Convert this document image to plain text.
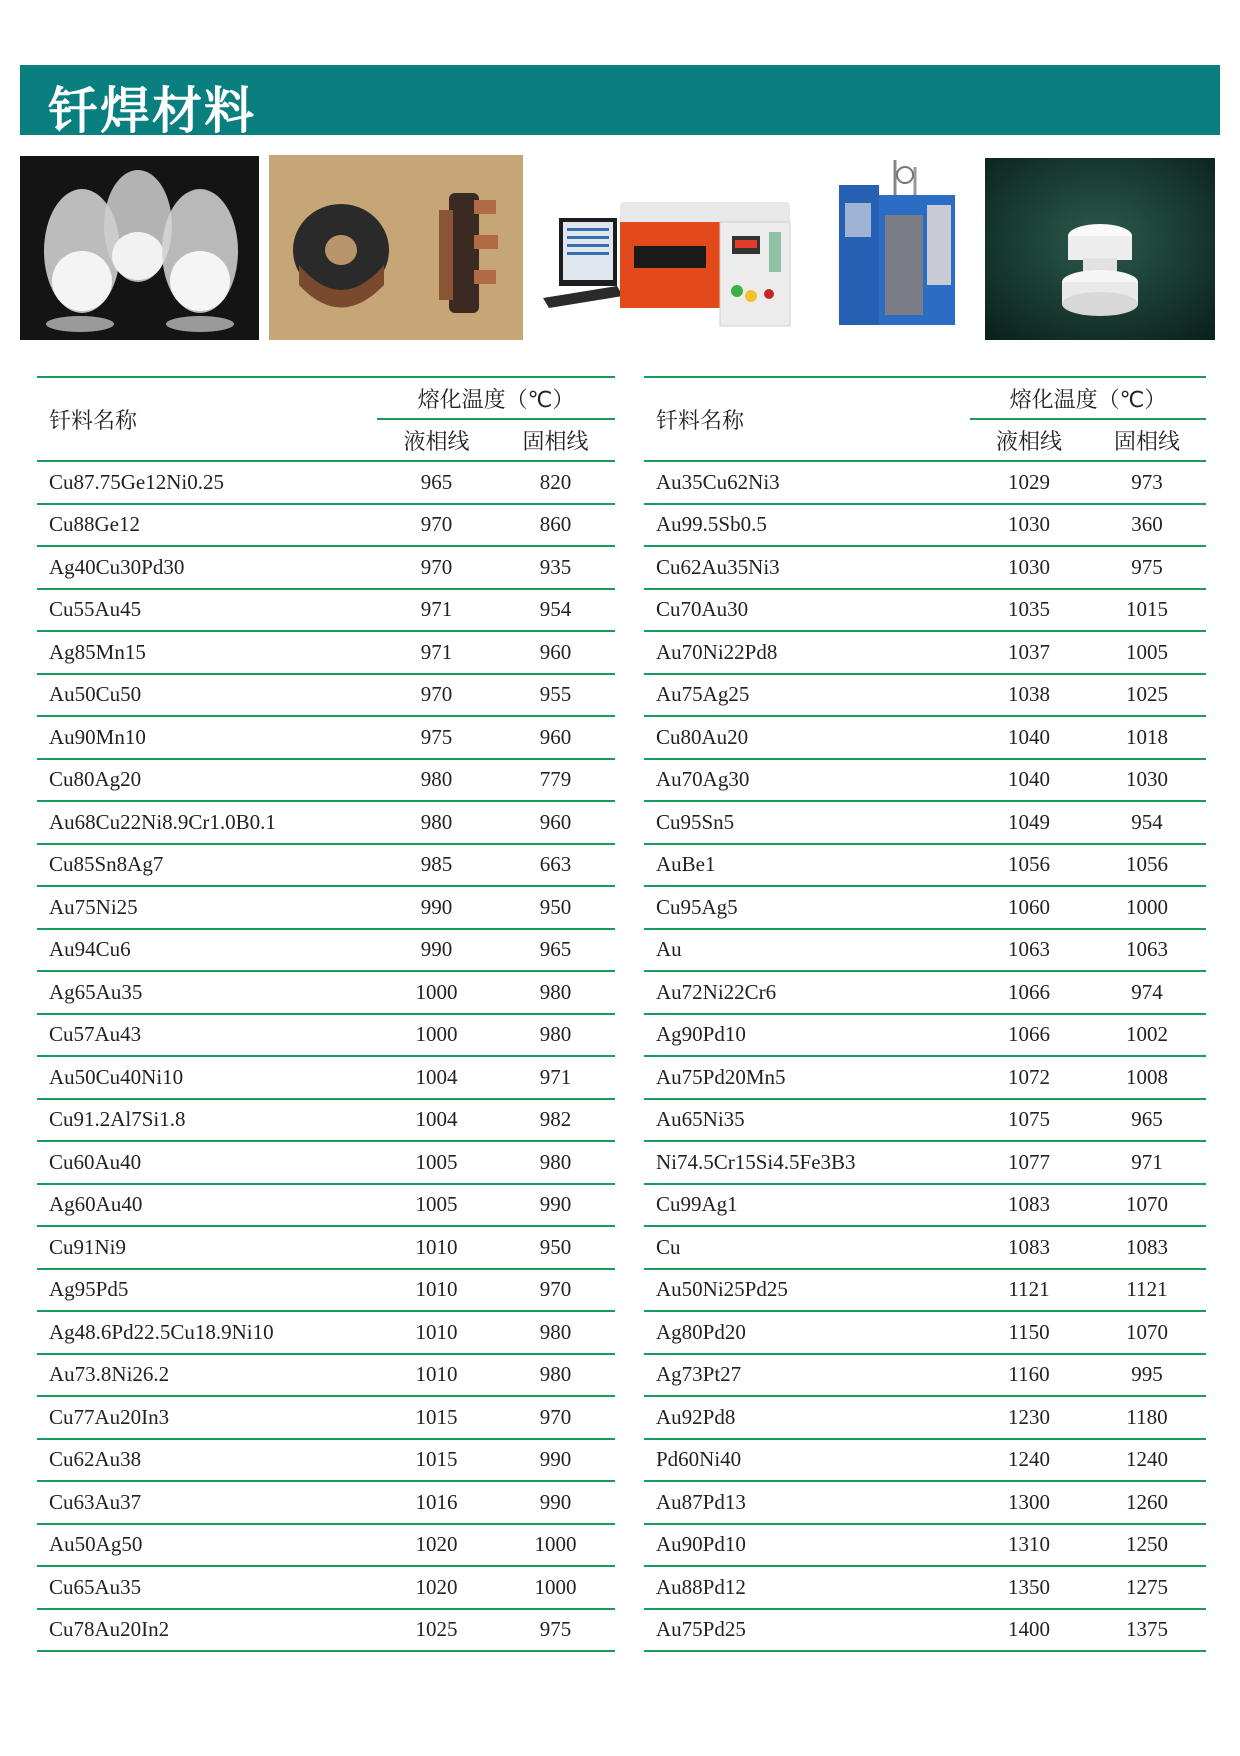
钎焊材料
钎料名称	熔化温度（℃）	
	液相线	固相线
Cu87.75Ge12Ni0.25	965	820
Cu88Ge12	970	860
Ag40Cu30Pd30	970	935
Cu55Au45	971	954
Ag85Mn15	971	960
Au50Cu50	970	955
Au90Mn10	975	960
Cu80Ag20	980	779
Au68Cu22Ni8.9Cr1.0B0.1	980	960
Cu85Sn8Ag7	985	663
Au75Ni25	990	950
Au94Cu6	990	965
Ag65Au35	1000	980
Cu57Au43	1000	980
Au50Cu40Ni10	1004	971
Cu91.2Al7Si1.8	1004	982
Cu60Au40	1005	980
Ag60Au40	1005	990
Cu91Ni9	1010	950
Ag95Pd5	1010	970
Ag48.6Pd22.5Cu18.9Ni10	1010	980
Au73.8Ni26.2	1010	980
Cu77Au20In3	1015	970
Cu62Au38	1015	990
Cu63Au37	1016	990
Au50Ag50	1020	1000
Cu65Au35	1020	1000
Cu78Au20In2	1025	975
钎料名称	熔化温度（℃）	
	液相线	固相线
Au35Cu62Ni3	1029	973
Au99.5Sb0.5	1030	360
Cu62Au35Ni3	1030	975
Cu70Au30	1035	1015
Au70Ni22Pd8	1037	1005
Au75Ag25	1038	1025
Cu80Au20	1040	1018
Au70Ag30	1040	1030
Cu95Sn5	1049	954
AuBe1	1056	1056
Cu95Ag5	1060	1000
Au	1063	1063
Au72Ni22Cr6	1066	974
Ag90Pd10	1066	1002
Au75Pd20Mn5	1072	1008
Au65Ni35	1075	965
Ni74.5Cr15Si4.5Fe3B3	1077	971
Cu99Ag1	1083	1070
Cu	1083	1083
Au50Ni25Pd25	1121	1121
Ag80Pd20	1150	1070
Ag73Pt27	1160	995
Au92Pd8	1230	1180
Pd60Ni40	1240	1240
Au87Pd13	1300	1260
Au90Pd10	1310	1250
Au88Pd12	1350	1275
Au75Pd25	1400	1375
